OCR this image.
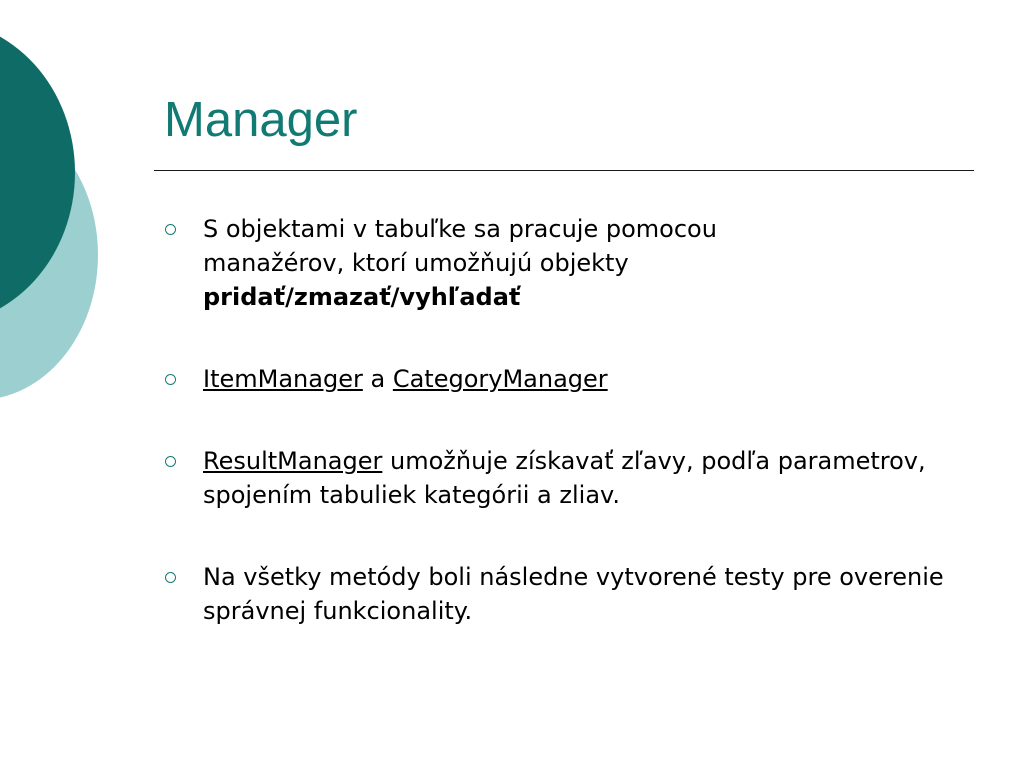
Manager
S objektami v tabuľke sa pracuje pomocou
manažérov, ktorí umožňujú objekty
pridať/zmazať/vyhľadať
ItemManager a CategoryManager
ResultManager umožňuje získavať zľavy, podľa parametrov, spojením tabuliek kategórii a zliav.
Na všetky metódy boli následne vytvorené testy pre overenie správnej funkcionality.
